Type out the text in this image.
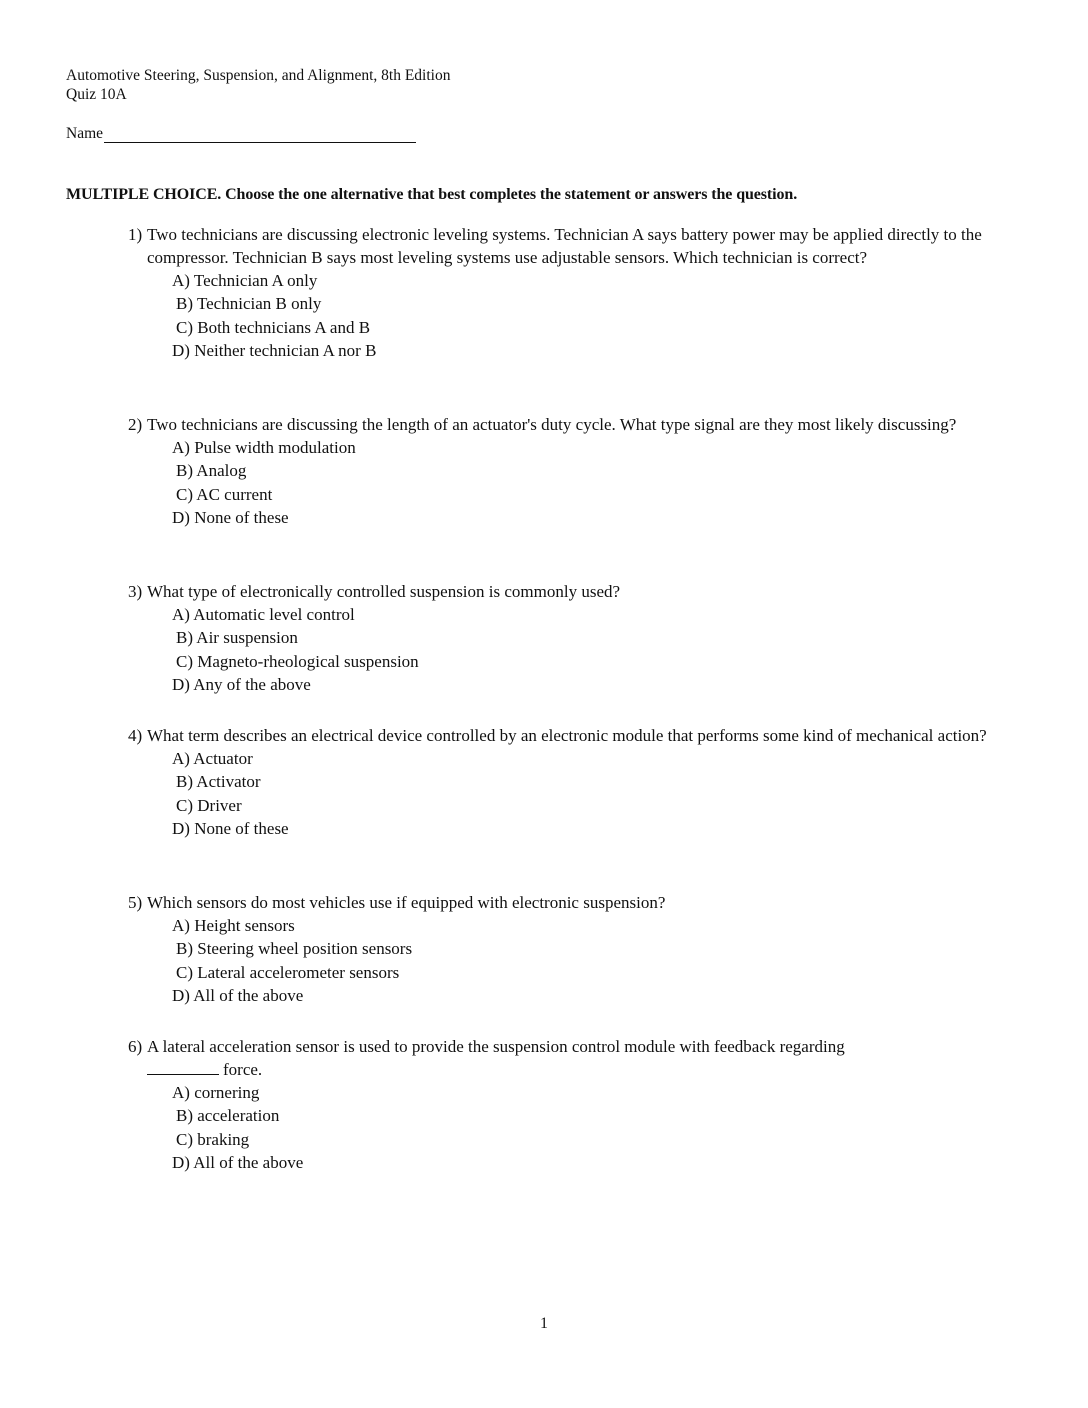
Automotive Steering, Suspension, and Alignment, 8th Edition
Quiz 10A
Name
MULTIPLE CHOICE. Choose the one alternative that best completes the statement or answers the question.
1) Two technicians are discussing electronic leveling systems. Technician A says battery power may be applied directly to the compressor. Technician B says most leveling systems use adjustable sensors. Which technician is correct?
A) Technician A only
B) Technician B only
C) Both technicians A and B
D) Neither technician A nor B
2) Two technicians are discussing the length of an actuator's duty cycle. What type signal are they most likely discussing?
A) Pulse width modulation
B) Analog
C) AC current
D) None of these
3) What type of electronically controlled suspension is commonly used?
A) Automatic level control
B) Air suspension
C) Magneto-rheological suspension
D) Any of the above
4) What term describes an electrical device controlled by an electronic module that performs some kind of mechanical action?
A) Actuator
B) Activator
C) Driver
D) None of these
5) Which sensors do most vehicles use if equipped with electronic suspension?
A) Height sensors
B) Steering wheel position sensors
C) Lateral accelerometer sensors
D) All of the above
6) A lateral acceleration sensor is used to provide the suspension control module with feedback regarding
force.
A) cornering
B) acceleration
C) braking
D) All of the above
1
